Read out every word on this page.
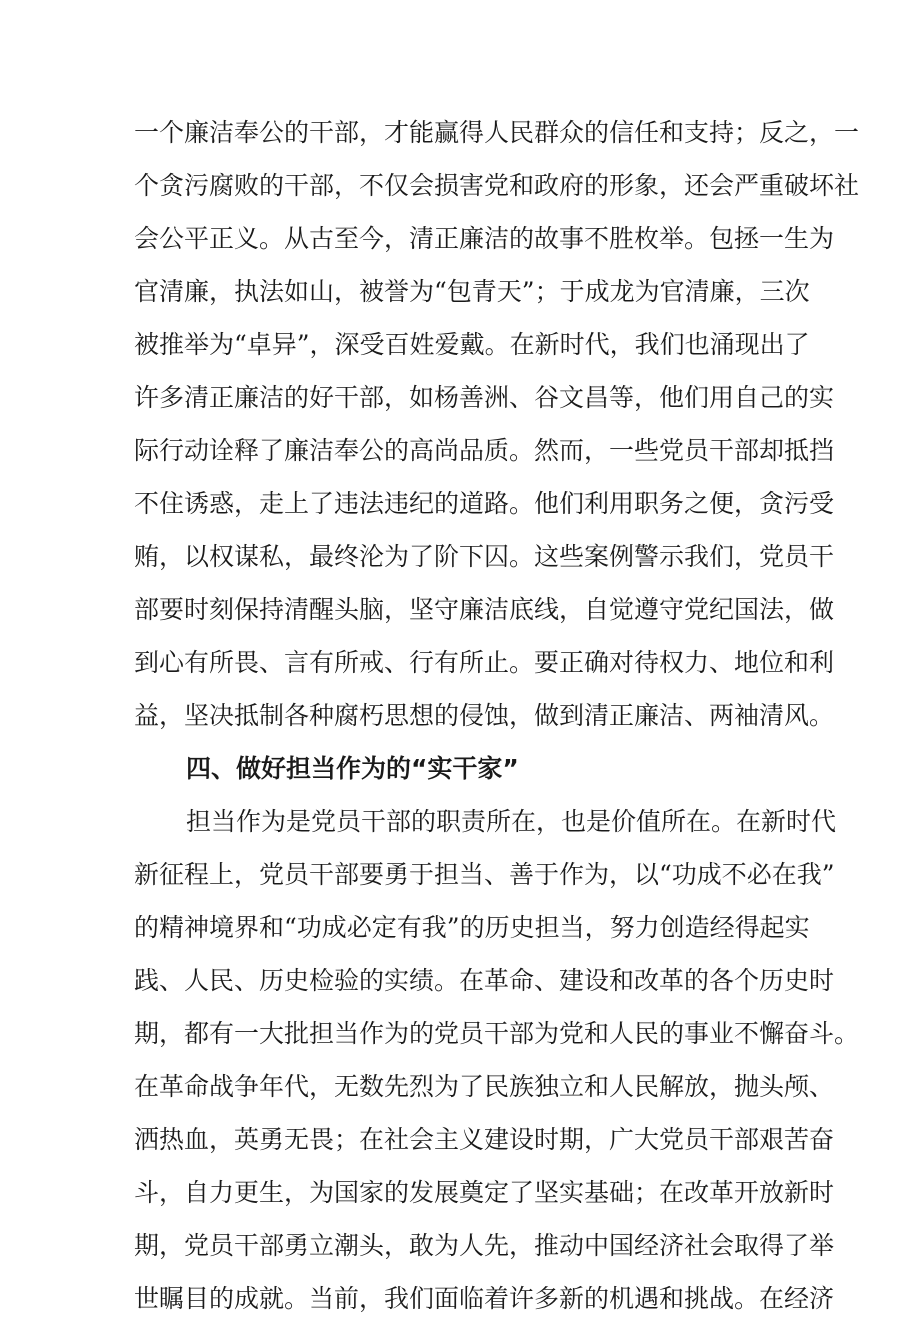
一个廉洁奉公的干部，才能赢得人民群众的信任和支持；反之，一
个贪污腐败的干部，不仅会损害党和政府的形象，还会严重破坏社
会公平正义。从古至今，清正廉洁的故事不胜枚举。包拯一生为
官清廉，执法如山，被誉为“包青天”；于成龙为官清廉，三次
被推举为“卓异”，深受百姓爱戴。在新时代，我们也涌现出了
许多清正廉洁的好干部，如杨善洲、谷文昌等，他们用自己的实
际行动诠释了廉洁奉公的高尚品质。然而，一些党员干部却抵挡
不住诱惑，走上了违法违纪的道路。他们利用职务之便，贪污受
贿，以权谋私，最终沦为了阶下囚。这些案例警示我们，党员干
部要时刻保持清醒头脑，坚守廉洁底线，自觉遵守党纪国法，做
到心有所畏、言有所戒、行有所止。要正确对待权力、地位和利
益，坚决抵制各种腐朽思想的侵蚀，做到清正廉洁、两袖清风。
四、做好担当作为的“实干家”
担当作为是党员干部的职责所在，也是价值所在。在新时代
新征程上，党员干部要勇于担当、善于作为，以“功成不必在我”
的精神境界和“功成必定有我”的历史担当，努力创造经得起实
践、人民、历史检验的实绩。在革命、建设和改革的各个历史时
期，都有一大批担当作为的党员干部为党和人民的事业不懈奋斗。
在革命战争年代，无数先烈为了民族独立和人民解放，抛头颅、
洒热血，英勇无畏；在社会主义建设时期，广大党员干部艰苦奋
斗，自力更生，为国家的发展奠定了坚实基础；在改革开放新时
期，党员干部勇立潮头，敢为人先，推动中国经济社会取得了举
世瞩目的成就。当前，我们面临着许多新的机遇和挑战。在经济
